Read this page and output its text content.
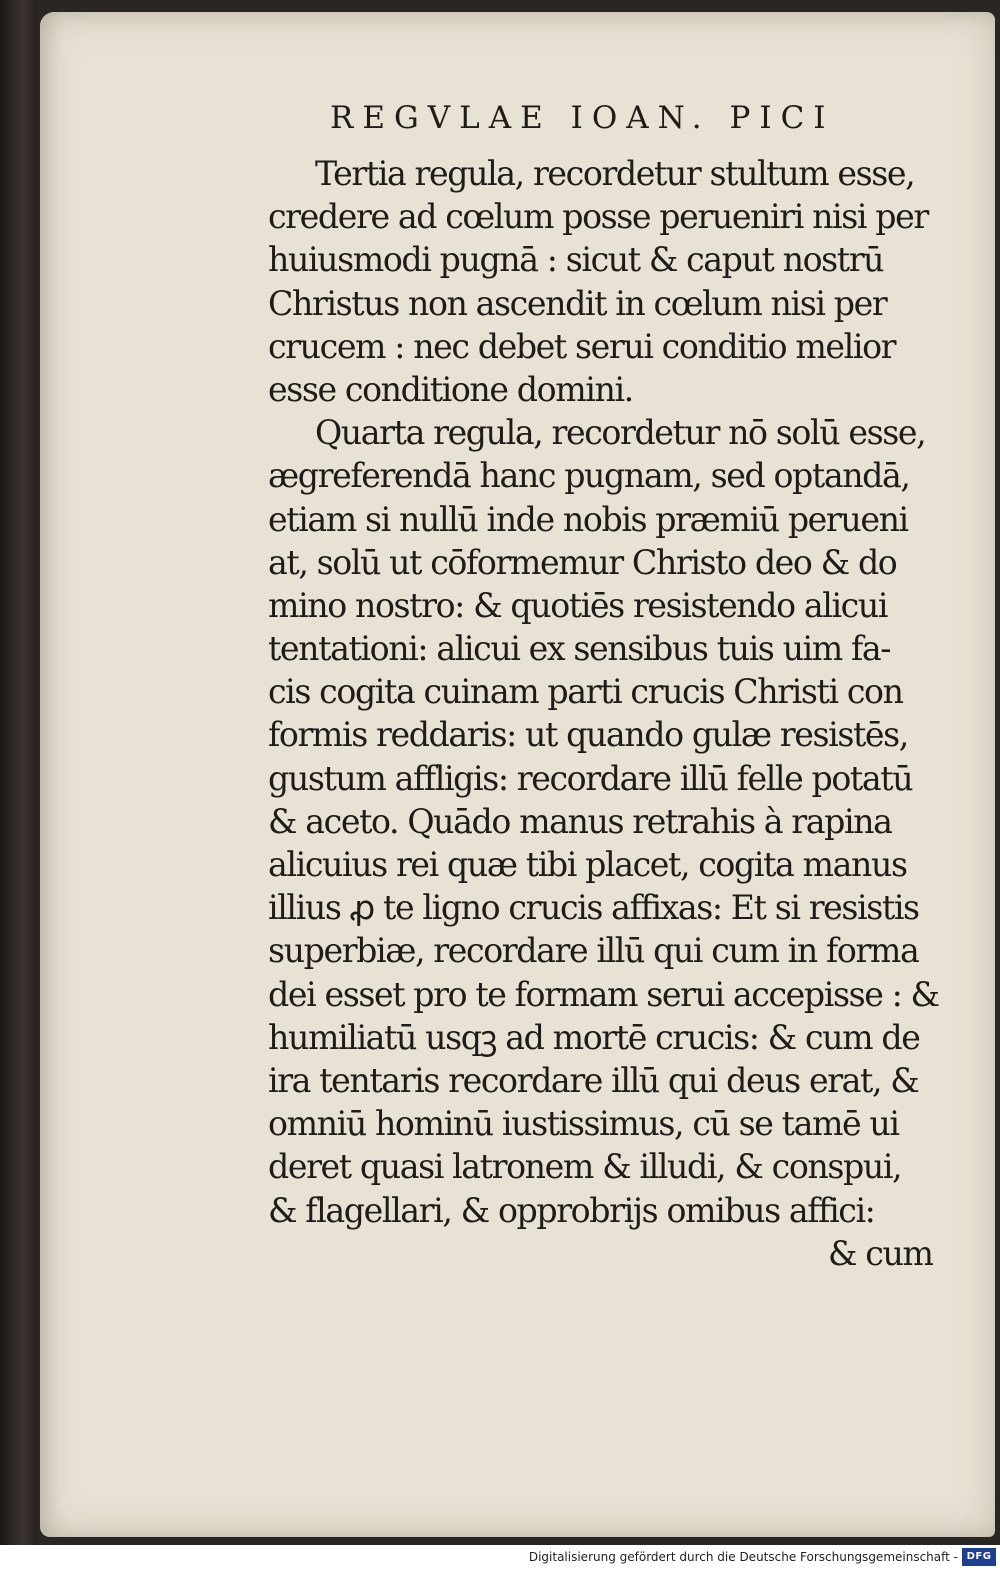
REGVLAE IOAN. PICI
Tertia regula, recordetur stultum esse,
credere ad cœlum posse perueniri nisi per
huiusmodi pugnā : sicut & caput nostrū
Christus non ascendit in cœlum nisi per
crucem : nec debet serui conditio melior
esse conditione domini.
Quarta regula, recordetur nō solū esse,
ægreferendā hanc pugnam, sed optandā,
etiam si nullū inde nobis præmiū perueni
at, solū ut cōformemur Christo deo & do
mino nostro: & quotiēs resistendo alicui
tentationi: alicui ex sensibus tuis uim fa-
cis cogita cuinam parti crucis Christi con
formis reddaris: ut quando gulæ resistēs,
gustum affligis: recordare illū felle potatū
& aceto. Quādo manus retrahis à rapina
alicuius rei quæ tibi placet, cogita manus
illius ꝓ te ligno crucis affixas: Et si resistis
superbiæ, recordare illū qui cum in forma
dei esset pro te formam serui accepisse : &
humiliatū usqꝫ ad mortē crucis: & cum de
ira tentaris recordare illū qui deus erat, &
omniū hominū iustissimus, cū se tamē ui
deret quasi latronem & illudi, & conspui,
& flagellari, & opprobrijs omibus affici:
& cum
Digitalisierung gefördert durch die Deutsche Forschungsgemeinschaft - DFG
